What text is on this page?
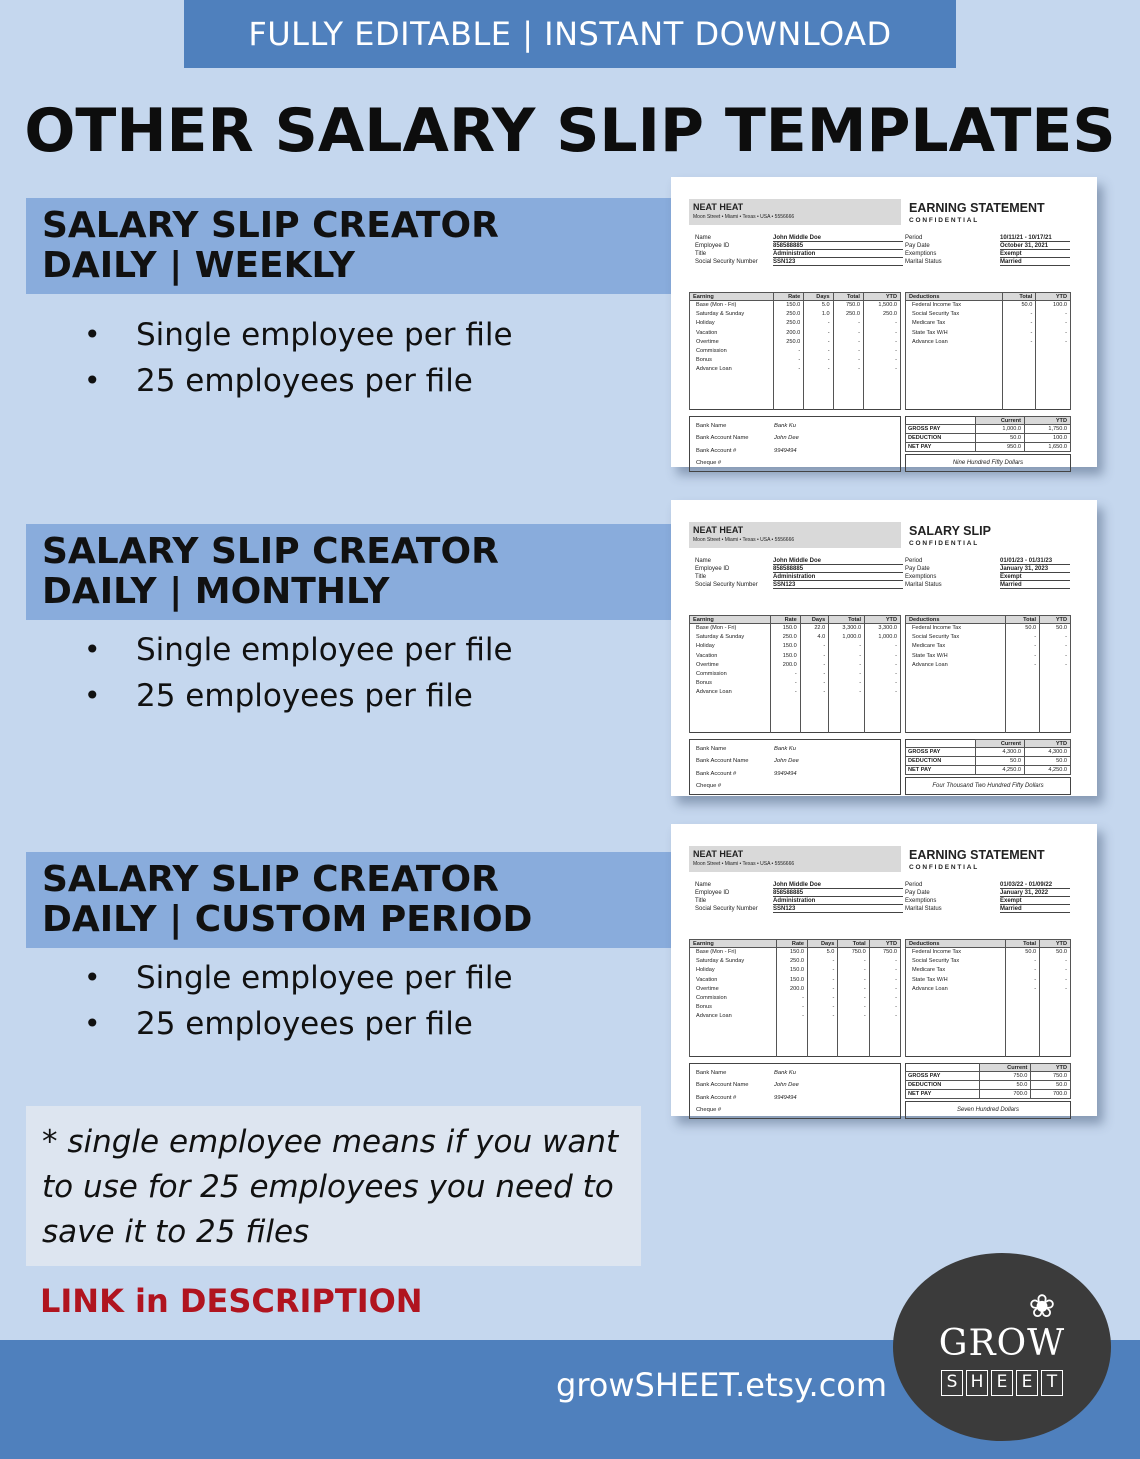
FULLY EDITABLE | INSTANT DOWNLOAD
OTHER SALARY SLIP TEMPLATES
SALARY SLIP CREATOR
DAILY | WEEKLY
•	Single employee per file
•	25 employees per file
SALARY SLIP CREATOR
DAILY | MONTHLY
•	Single employee per file
•	25 employees per file
SALARY SLIP CREATOR
DAILY | CUSTOM PERIOD
•	Single employee per file
•	25 employees per file
NEAT HEAT
Moon Street • Miami • Texas • USA • 5556666
EARNING STATEMENT
CONFIDENTIAL
Name	John Middle Doe
Employee ID	858588885
Title	Administration
Social Security Number	SSN123
Period	10/11/21 - 10/17/21
Pay Date	October 31, 2021
Exemptions	Exempt
Marital Status	Married
Earning	Rate	Days	Total	YTD
Base (Mon - Fri)	150.0	5.0	750.0	1,500.0
Saturday & Sunday	250.0	1.0	250.0	250.0
Holiday	250.0	-	-	-
Vacation	200.0	-	-	-
Overtime	250.0	-	-	-
Commission	-	-	-	-
Bonus	-	-	-	-
Advance Loan	-	-	-	-

Deductions	Total	YTD
Federal Income Tax	50.0	100.0
Social Security Tax	-	-
Medicare Tax	-	-
State Tax W/H	-	-
Advance Loan	-	-

Bank Name	Bank Ku
Bank Account Name	John Dee
Bank Account #	9949494
Cheque #
	Current	YTD
GROSS PAY	1,000.0	1,750.0
DEDUCTION	50.0	100.0
NET PAY	950.0	1,650.0
Nine Hundred Fifty Dollars
NEAT HEAT
Moon Street • Miami • Texas • USA • 5556666
SALARY SLIP
CONFIDENTIAL
Name	John Middle Doe
Employee ID	858588885
Title	Administration
Social Security Number	SSN123
Period	01/01/23 - 01/31/23
Pay Date	January 31, 2023
Exemptions	Exempt
Marital Status	Married
Earning	Rate	Days	Total	YTD
Base (Mon - Fri)	150.0	22.0	3,300.0	3,300.0
Saturday & Sunday	250.0	4.0	1,000.0	1,000.0
Holiday	150.0	-	-	-
Vacation	150.0	-	-	-
Overtime	200.0	-	-	-
Commission	-	-	-	-
Bonus	-	-	-	-
Advance Loan	-	-	-	-

Deductions	Total	YTD
Federal Income Tax	50.0	50.0
Social Security Tax	-	-
Medicare Tax	-	-
State Tax W/H	-	-
Advance Loan	-	-

Bank Name	Bank Ku
Bank Account Name	John Dee
Bank Account #	9949494
Cheque #
	Current	YTD
GROSS PAY	4,300.0	4,300.0
DEDUCTION	50.0	50.0
NET PAY	4,250.0	4,250.0
Four Thousand Two Hundred Fifty Dollars
NEAT HEAT
Moon Street • Miami • Texas • USA • 5556666
EARNING STATEMENT
CONFIDENTIAL
Name	John Middle Doe
Employee ID	858588885
Title	Administration
Social Security Number	SSN123
Period	01/03/22 - 01/09/22
Pay Date	January 31, 2022
Exemptions	Exempt
Marital Status	Married
Earning	Rate	Days	Total	YTD
Base (Mon - Fri)	150.0	5.0	750.0	750.0
Saturday & Sunday	250.0	-	-	-
Holiday	150.0	-	-	-
Vacation	150.0	-	-	-
Overtime	200.0	-	-	-
Commission	-	-	-	-
Bonus	-	-	-	-
Advance Loan	-	-	-	-

Deductions	Total	YTD
Federal Income Tax	50.0	50.0
Social Security Tax	-	-
Medicare Tax	-	-
State Tax W/H	-	-
Advance Loan	-	-

Bank Name	Bank Ku
Bank Account Name	John Dee
Bank Account #	9949494
Cheque #
	Current	YTD
GROSS PAY	750.0	750.0
DEDUCTION	50.0	50.0
NET PAY	700.0	700.0
Seven Hundred Dollars
* single employee means if you want to use for 25 employees you need to save it to 25 files
LINK in DESCRIPTION
growSHEET.etsy.com
❀
GROW
S H E E T
